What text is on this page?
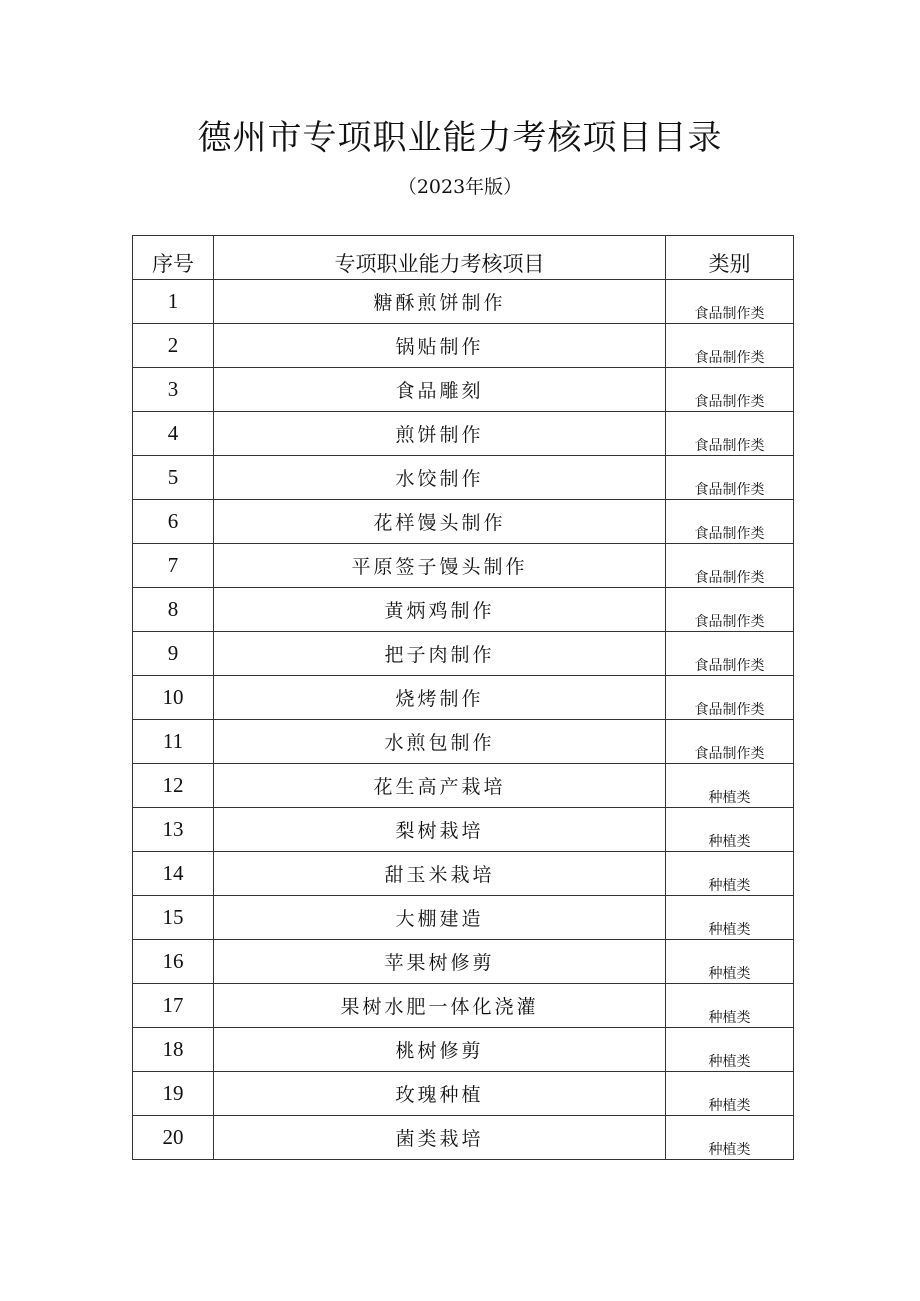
德州市专项职业能力考核项目目录
（2023年版）
序号	专项职业能力考核项目	类别
1	糖酥煎饼制作	食品制作类
2	锅贴制作	食品制作类
3	食品雕刻	食品制作类
4	煎饼制作	食品制作类
5	水饺制作	食品制作类
6	花样馒头制作	食品制作类
7	平原签子馒头制作	食品制作类
8	黄炳鸡制作	食品制作类
9	把子肉制作	食品制作类
10	烧烤制作	食品制作类
11	水煎包制作	食品制作类
12	花生高产栽培	种植类
13	梨树栽培	种植类
14	甜玉米栽培	种植类
15	大棚建造	种植类
16	苹果树修剪	种植类
17	果树水肥一体化浇灌	种植类
18	桃树修剪	种植类
19	玫瑰种植	种植类
20	菌类栽培	种植类
